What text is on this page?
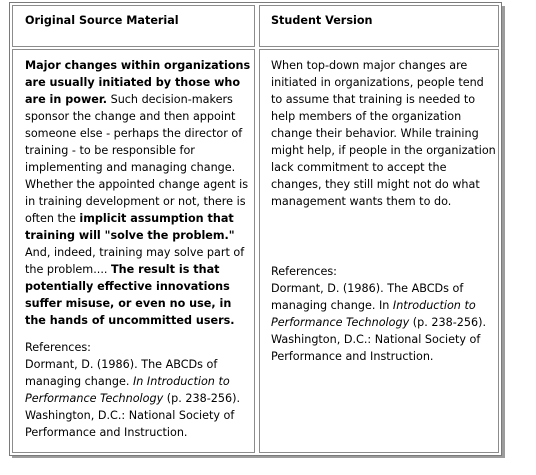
Original Source Material	Student Version
Major changes within organizations
are usually initiated by those who
are in power. Such decision-makers
sponsor the change and then appoint
someone else - perhaps the director of
training - to be responsible for
implementing and managing change.
Whether the appointed change agent is
in training development or not, there is
often the implicit assumption that
training will "solve the problem."
And, indeed, training may solve part of
the problem.... The result is that
potentially effective innovations
suffer misuse, or even no use, in
the hands of uncommitted users.
References:
Dormant, D. (1986). The ABCDs of
managing change. In Introduction to
Performance Technology (p. 238-256).
Washington, D.C.: National Society of
Performance and Instruction.
When top-down major changes are
initiated in organizations, people tend
to assume that training is needed to
help members of the organization
change their behavior. While training
might help, if people in the organization
lack commitment to accept the
changes, they still might not do what
management wants them to do.
References:
Dormant, D. (1986). The ABCDs of
managing change. In Introduction to
Performance Technology (p. 238-256).
Washington, D.C.: National Society of
Performance and Instruction.
